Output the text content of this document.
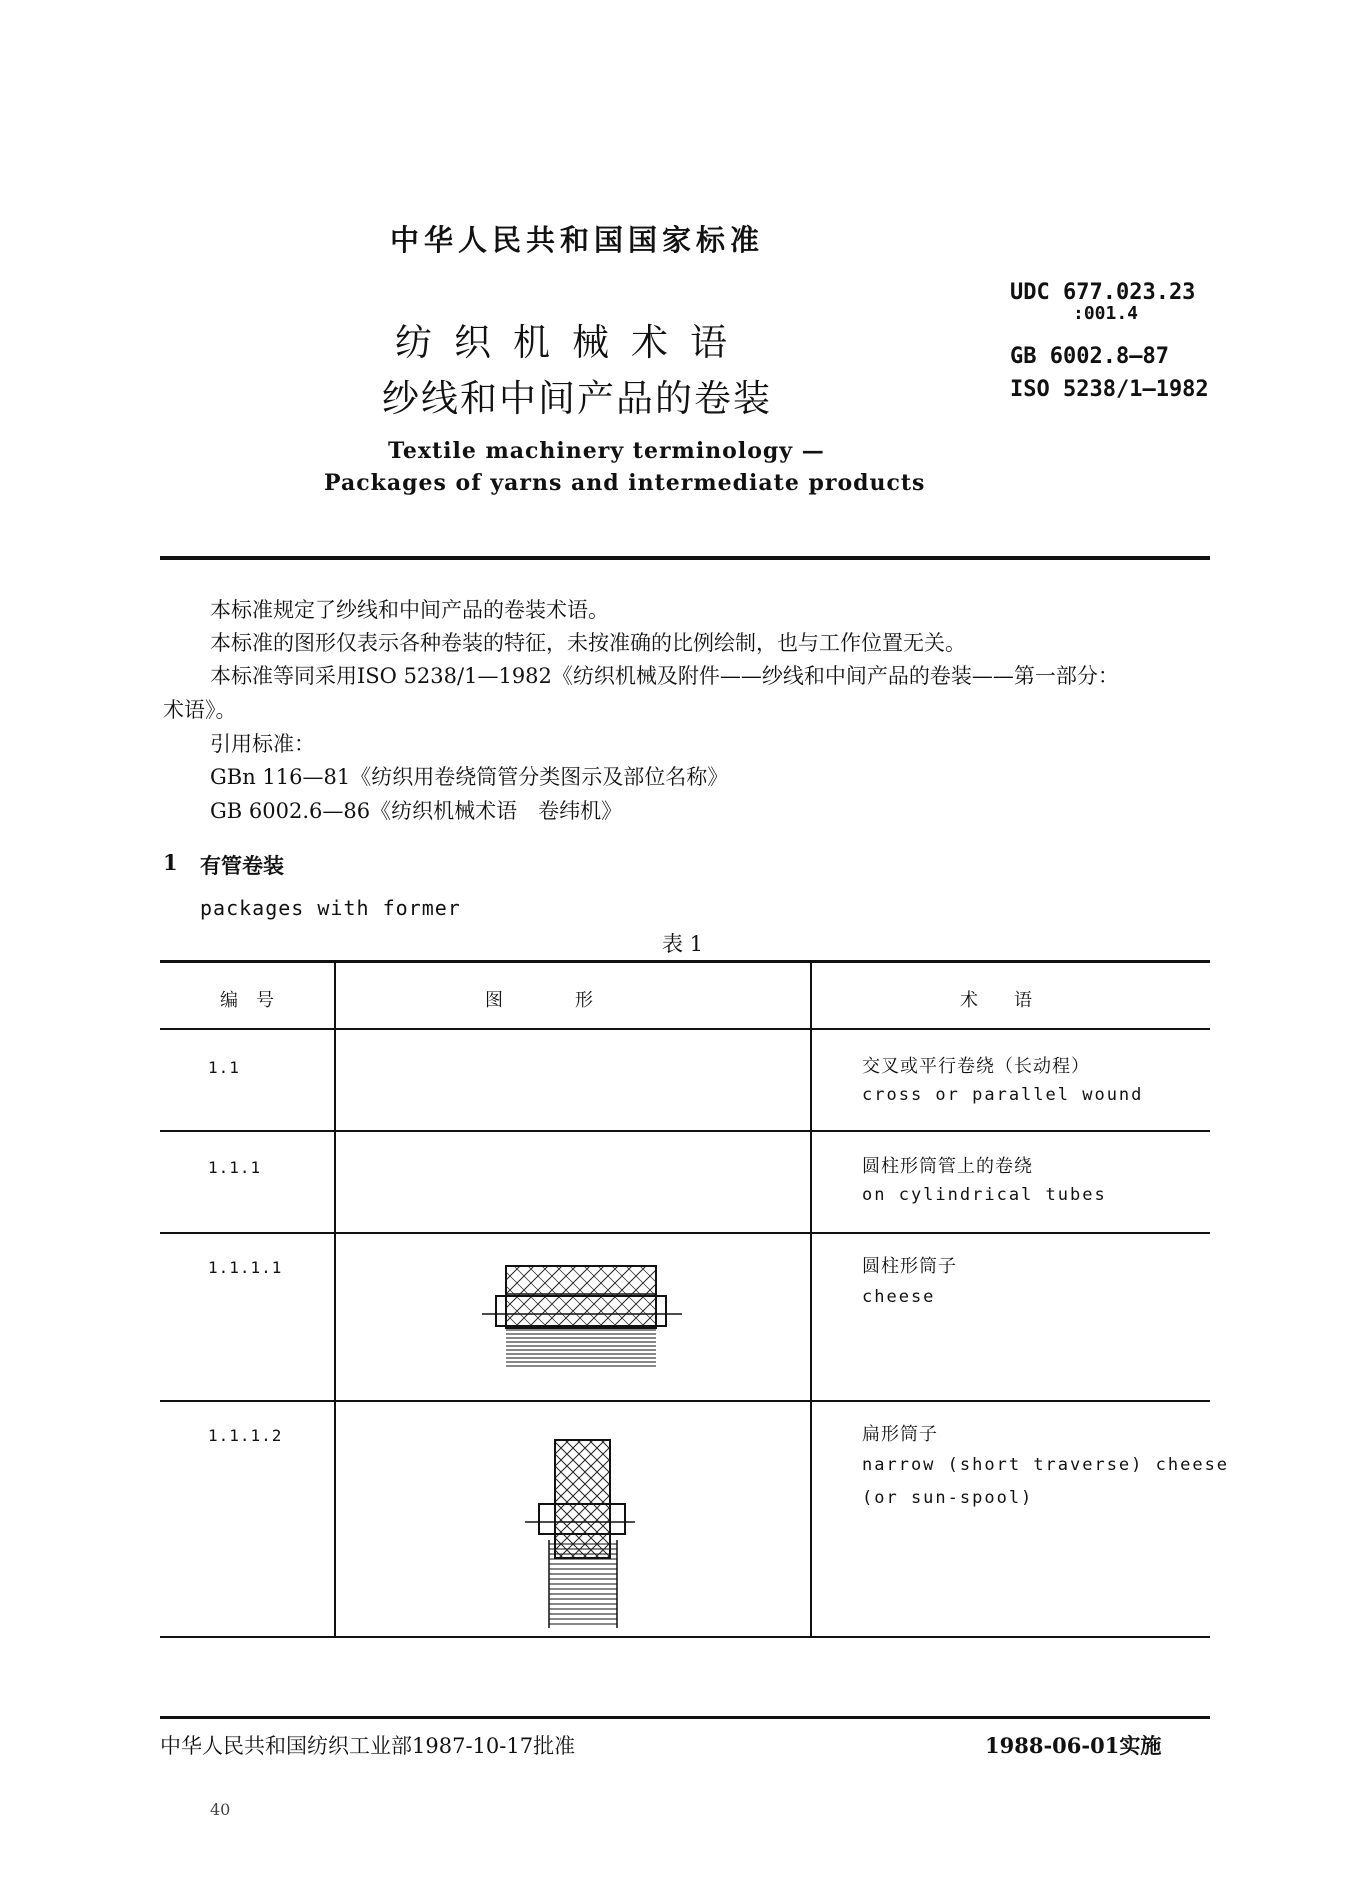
中华人民共和国国家标准
纺织机械术语
纱线和中间产品的卷装
Textile machinery terminology —
Packages of yarns and intermediate products
UDC 677.023.23
:001.4
GB 6002.8—87
ISO 5238/1—1982
本标准规定了纱线和中间产品的卷装术语。
本标准的图形仅表示各种卷装的特征，未按准确的比例绘制，也与工作位置无关。
本标准等同采用ISO 5238/1—1982《纺织机械及附件——纱线和中间产品的卷装——第一部分：
术语》。
引用标准：
GBn 116—81《纺织用卷绕筒管分类图示及部位名称》
GB 6002.6—86《纺织机械术语　卷纬机》
1 有管卷装
packages with former
表 1
编　号	图　　　　形	术　　语
1.1	交叉或平行卷绕（长动程）
cross or parallel wound
1.1.1	圆柱形筒管上的卷绕
on cylindrical tubes
1.1.1.1	圆柱形筒子
cheese
1.1.1.2	扁形筒子
narrow (short traverse) cheese
(or sun-spool)
中华人民共和国纺织工业部1987-10-17批准	1988-06-01实施
40
